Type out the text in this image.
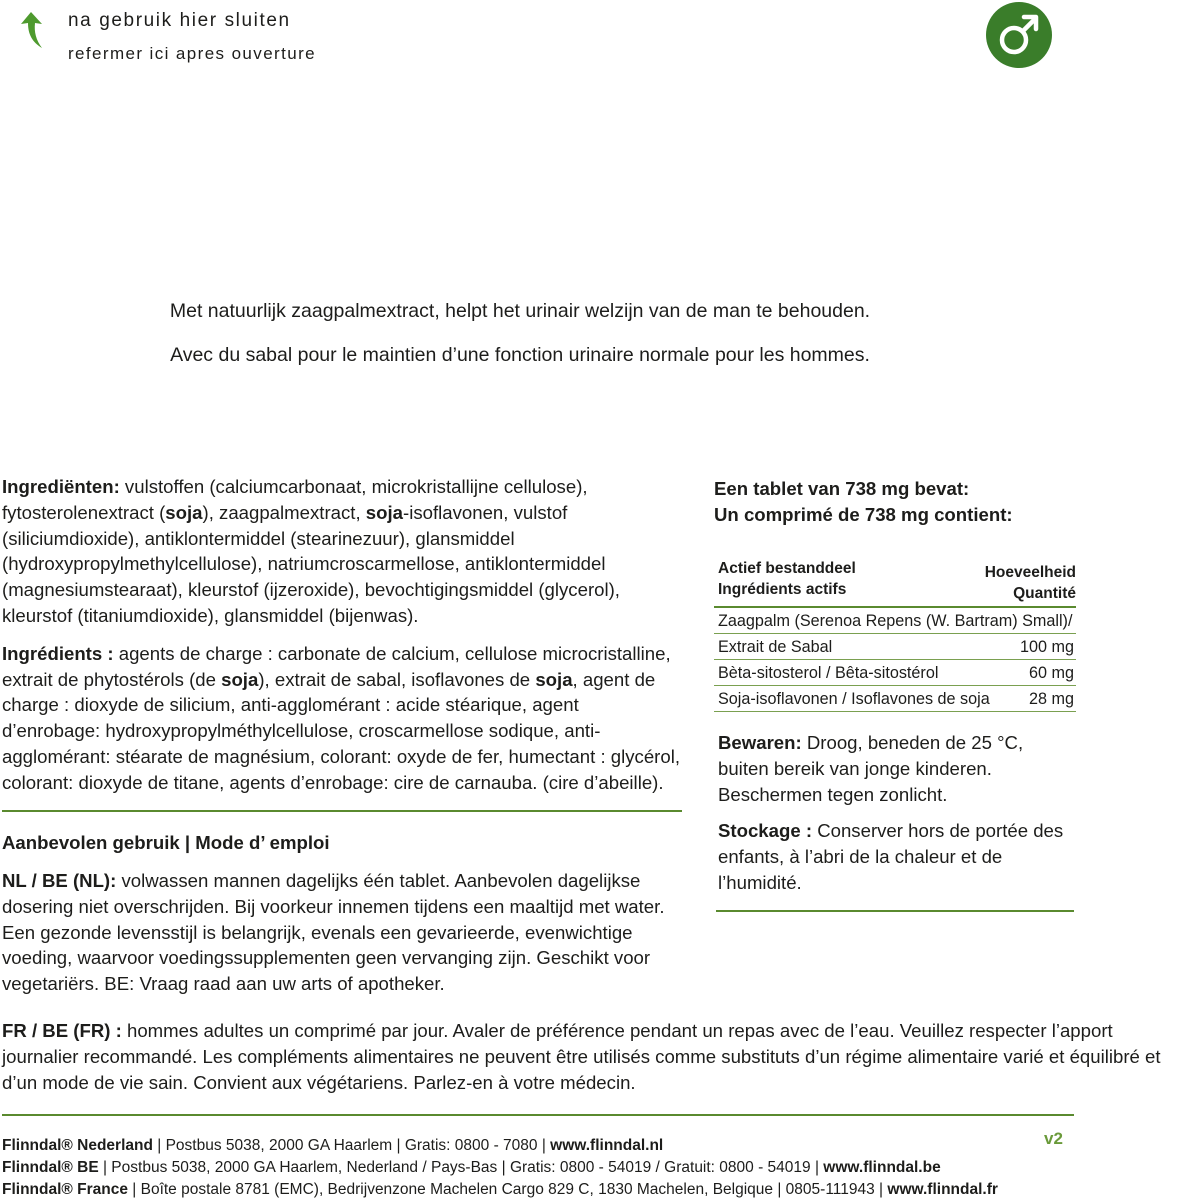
na gebruik hier sluiten
refermer ici apres ouverture
Met natuurlijk zaagpalmextract, helpt het urinair welzijn van de man te behouden.
Avec du sabal pour le maintien d’une fonction urinaire normale pour les hommes.

Ingrediënten: vulstoffen (calciumcarbonaat, microkristallijne cellulose), fytosterolenextract (soja), zaagpalmextract, soja-isoflavonen, vulstof (siliciumdioxide), antiklontermiddel (stearinezuur), glansmiddel (hydroxypropylmethylcellulose), natriumcroscarmellose, antiklontermiddel (magnesiumstearaat), kleurstof (ijzeroxide), bevochtigingsmiddel (glycerol), kleurstof (titaniumdioxide), glansmiddel (bijenwas).

Ingrédients : agents de charge : carbonate de calcium, cellulose microcristalline, extrait de phytostérols (de soja), extrait de sabal, isoflavones de soja, agent de charge : dioxyde de silicium, anti-agglomérant : acide stéarique, agent d’enrobage: hydroxypropylméthylcellulose, croscarmellose sodique, anti-agglomérant: stéarate de magnésium, colorant: oxyde de fer, humectant : glycérol, colorant: dioxyde de titane, agents d’enrobage: cire de carnauba. (cire d’abeille).

Aanbevolen gebruik | Mode d’ emploi

NL / BE (NL): volwassen mannen dagelijks één tablet. Aanbevolen dagelijkse dosering niet overschrijden. Bij voorkeur innemen tijdens een maaltijd met water. Een gezonde levensstijl is belangrijk, evenals een gevarieerde, evenwichtige voeding, waarvoor voedingssupplementen geen vervanging zijn. Geschikt voor vegetariërs. BE: Vraag raad aan uw arts of apotheker.

FR / BE (FR) : hommes adultes un comprimé par jour. Avaler de préférence pendant un repas avec de l’eau. Veuillez respecter l’apport journalier recommandé. Les compléments alimentaires ne peuvent être utilisés comme substituts d’un régime alimentaire varié et équilibré et d’un mode de vie sain. Convient aux végétariens. Parlez-en à votre médecin.

Een tablet van 738 mg bevat:
Un comprimé de 738 mg contient:
Actief bestanddeel
Ingrédients actifs
Hoeveelheid
Quantité
Zaagpalm (Serenoa Repens (W. Bartram) Small)/
Extrait de Sabal	100 mg
Bèta-sitosterol / Bêta-sitostérol	60 mg
Soja-isoflavonen / Isoflavones de soja 28 mg

Bewaren: Droog, beneden de 25 °C, buiten bereik van jonge kinderen. Beschermen tegen zonlicht.

Stockage : Conserver hors de portée des enfants, à l’abri de la chaleur et de l’humidité.

Flinndal® Nederland | Postbus 5038, 2000 GA Haarlem | Gratis: 0800 - 7080 | www.flinndal.nl
Flinndal® BE | Postbus 5038, 2000 GA Haarlem, Nederland / Pays-Bas | Gratis: 0800 - 54019 / Gratuit: 0800 - 54019 | www.flinndal.be
Flinndal® France | Boîte postale 8781 (EMC), Bedrijvenzone Machelen Cargo 829 C, 1830 Machelen, Belgique | 0805-111943 | www.flinndal.fr
v2
